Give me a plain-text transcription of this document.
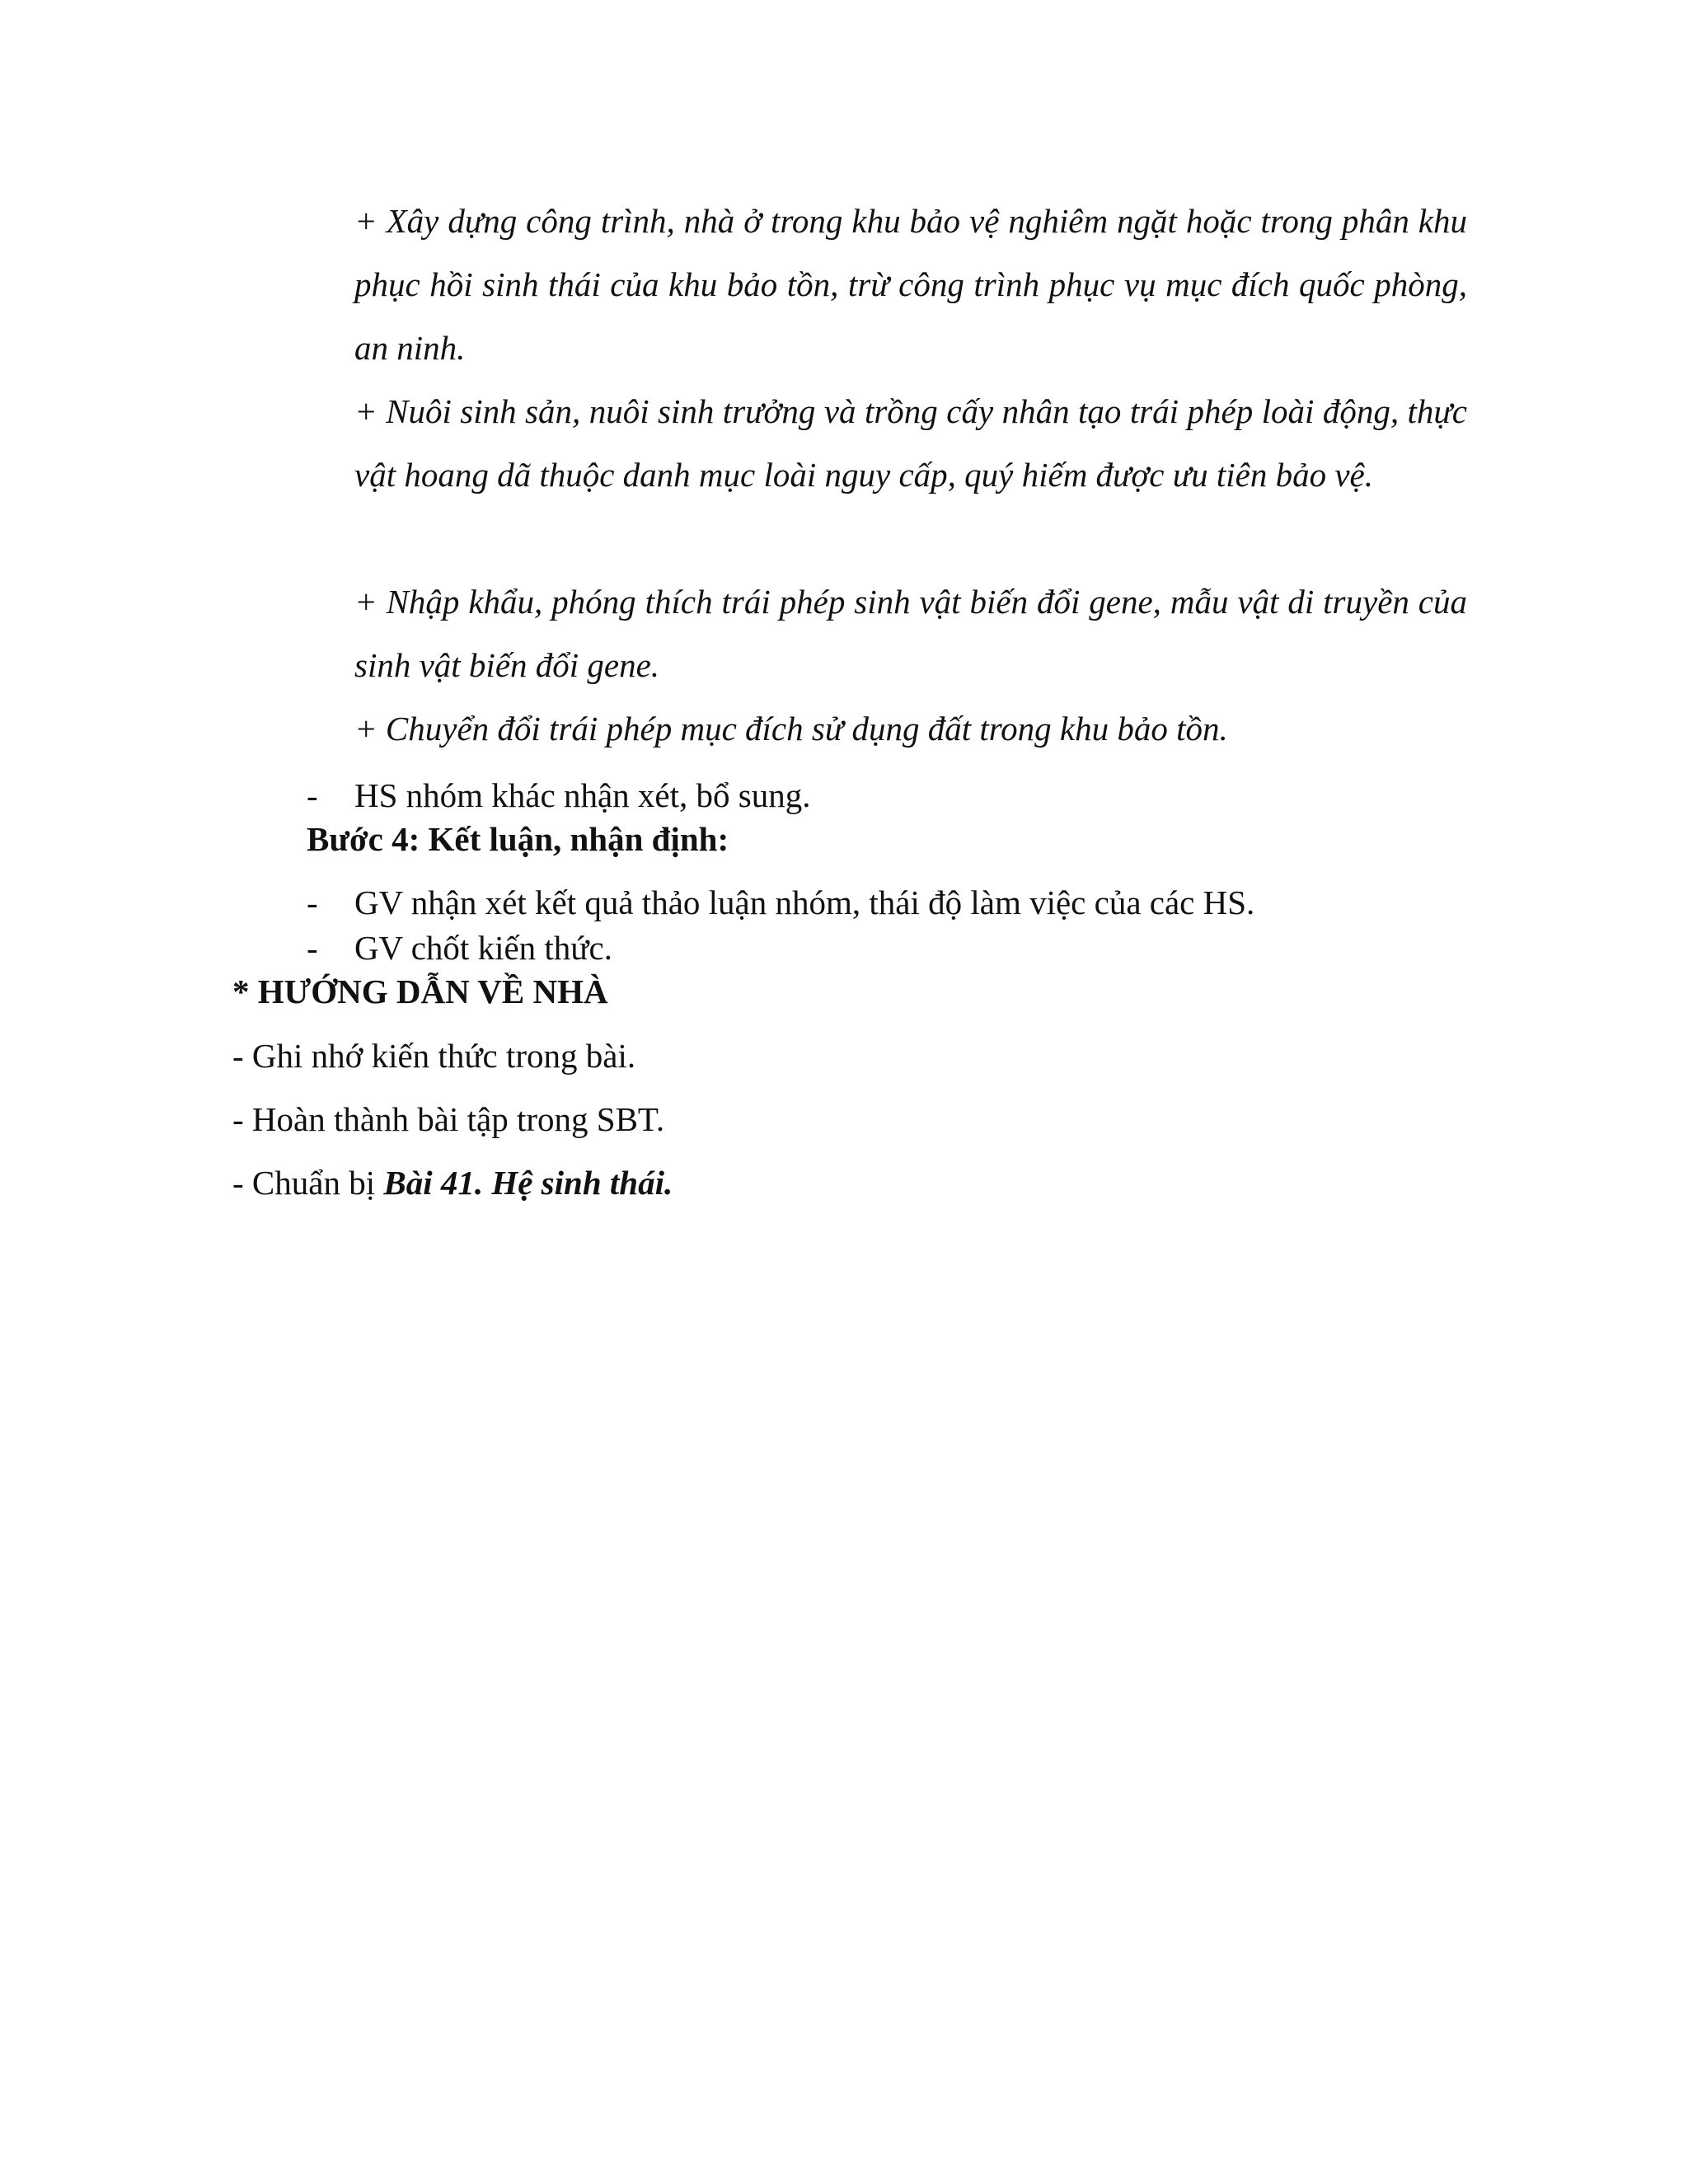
+ Xây dựng công trình, nhà ở trong khu bảo vệ nghiêm ngặt hoặc trong phân khu phục hồi sinh thái của khu bảo tồn, trừ công trình phục vụ mục đích quốc phòng, an ninh.

+ Nuôi sinh sản, nuôi sinh trưởng và trồng cấy nhân tạo trái phép loài động, thực vật hoang dã thuộc danh mục loài nguy cấp, quý hiếm được ưu tiên bảo vệ.

+ Nhập khẩu, phóng thích trái phép sinh vật biến đổi gene, mẫu vật di truyền của sinh vật biến đổi gene.

+ Chuyển đổi trái phép mục đích sử dụng đất trong khu bảo tồn.

- HS nhóm khác nhận xét, bổ sung.
Bước 4: Kết luận, nhận định:
- GV nhận xét kết quả thảo luận nhóm, thái độ làm việc của các HS.
- GV chốt kiến thức.
* HƯỚNG DẪN VỀ NHÀ
- Ghi nhớ kiến thức trong bài.
- Hoàn thành bài tập trong SBT.
- Chuẩn bị Bài 41. Hệ sinh thái.
